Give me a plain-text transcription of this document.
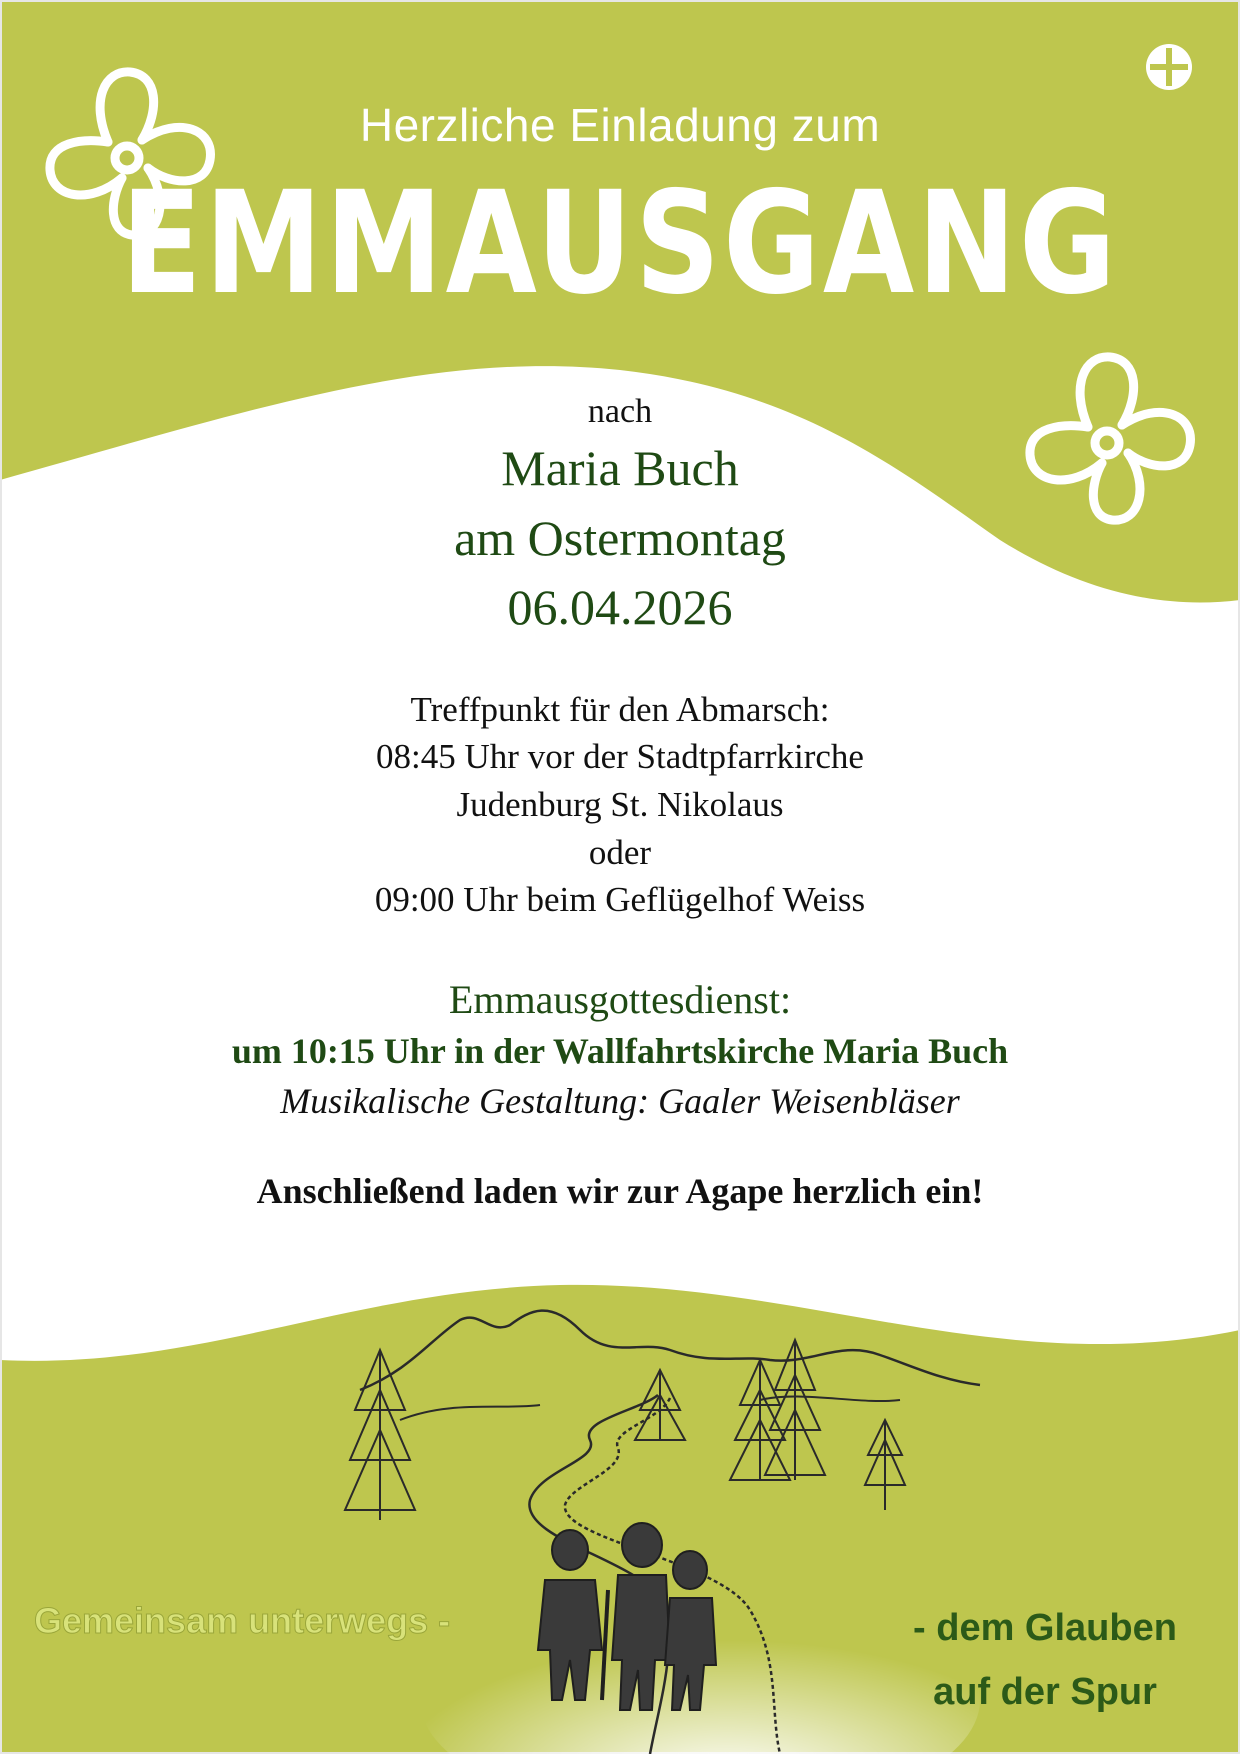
Herzliche Einladung zum
EMMAUSGANG
nach
Maria Buch
am Ostermontag
06.04.2026
Treffpunkt für den Abmarsch:
08:45 Uhr vor der Stadtpfarrkirche
Judenburg St. Nikolaus
oder
09:00 Uhr beim Geflügelhof Weiss
Emmausgottesdienst:
um 10:15 Uhr in der Wallfahrtskirche Maria Buch
Musikalische Gestaltung: Gaaler Weisenbläser
Anschließend laden wir zur Agape herzlich ein!
Gemeinsam unterwegs -	- dem Glauben
auf der Spur
